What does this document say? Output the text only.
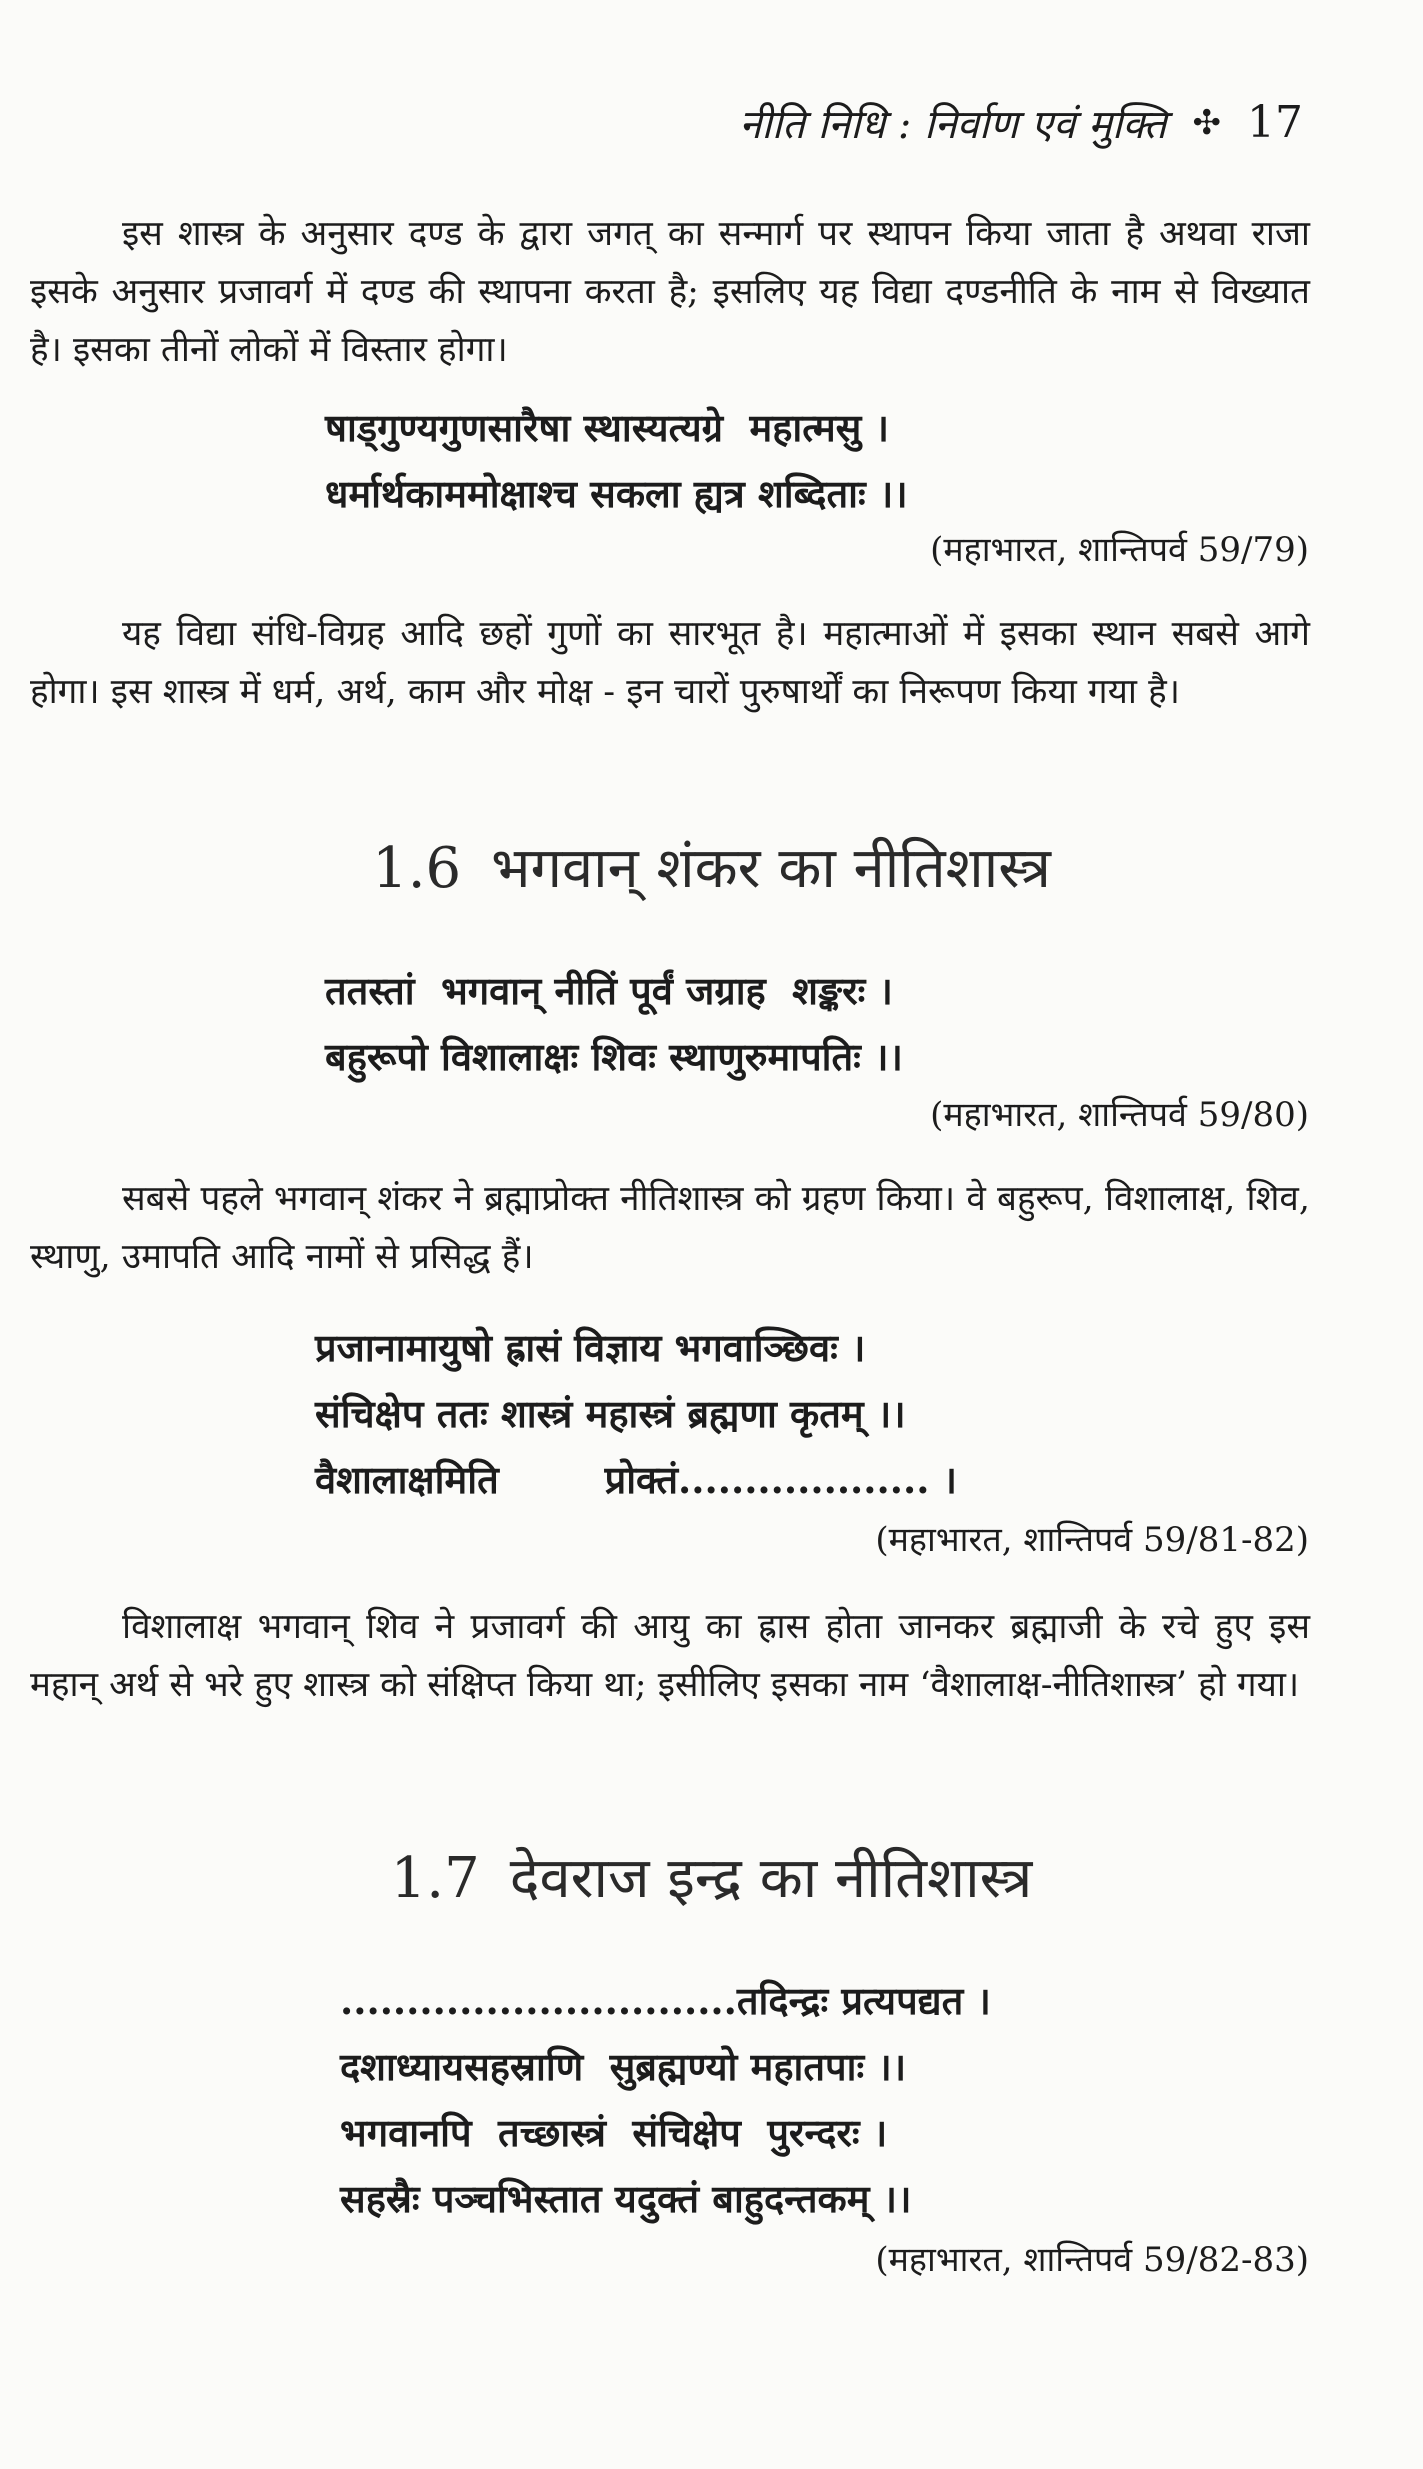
नीति निधि : निर्वाण एवं मुक्ति ✣ 17

इस शास्त्र के अनुसार दण्ड के द्वारा जगत् का सन्मार्ग पर स्थापन किया जाता है अथवा राजा इसके अनुसार प्रजावर्ग में दण्ड की स्थापना करता है; इसलिए यह विद्या दण्डनीति के नाम से विख्यात है। इसका तीनों लोकों में विस्तार होगा।

षाड्गुण्यगुणसारैषा स्थास्यत्यग्रे  महात्मसु ।
धर्मार्थकाममोक्षाश्च सकला ह्यत्र शब्दिताः ।।
(महाभारत, शान्तिपर्व 59/79)

यह विद्या संधि-विग्रह आदि छहों गुणों का सारभूत है। महात्माओं में इसका स्थान सबसे आगे होगा। इस शास्त्र में धर्म, अर्थ, काम और मोक्ष - इन चारों पुरुषार्थों का निरूपण किया गया है।

1.6 भगवान् शंकर का नीतिशास्त्र
ततस्तां  भगवान् नीतिं पूर्वं जग्राह  शङ्करः ।
बहुरूपो विशालाक्षः शिवः स्थाणुरुमापतिः ।।
(महाभारत, शान्तिपर्व 59/80)

सबसे पहले भगवान् शंकर ने ब्रह्माप्रोक्त नीतिशास्त्र को ग्रहण किया। वे बहुरूप, विशालाक्ष, शिव, स्थाणु, उमापति आदि नामों से प्रसिद्ध हैं।

प्रजानामायुषो ह्रासं विज्ञाय भगवाञ्छिवः ।
संचिक्षेप ततः शास्त्रं महास्त्रं ब्रह्मणा कृतम् ।।
वैशालाक्षमिति        प्रोक्तं................... ।
(महाभारत, शान्तिपर्व 59/81-82)

विशालाक्ष भगवान् शिव ने प्रजावर्ग की आयु का ह्रास होता जानकर ब्रह्माजी के रचे हुए इस महान् अर्थ से भरे हुए शास्त्र को संक्षिप्त किया था; इसीलिए इसका नाम ‘वैशालाक्ष-नीतिशास्त्र’ हो गया।

1.7 देवराज इन्द्र का नीतिशास्त्र
..............................तदिन्द्रः प्रत्यपद्यत ।
दशाध्यायसहस्राणि  सुब्रह्मण्यो महातपाः ।।
भगवानपि  तच्छास्त्रं  संचिक्षेप  पुरन्दरः ।
सहस्रैः पञ्चभिस्तात यदुक्तं बाहुदन्तकम् ।।
(महाभारत, शान्तिपर्व 59/82-83)
